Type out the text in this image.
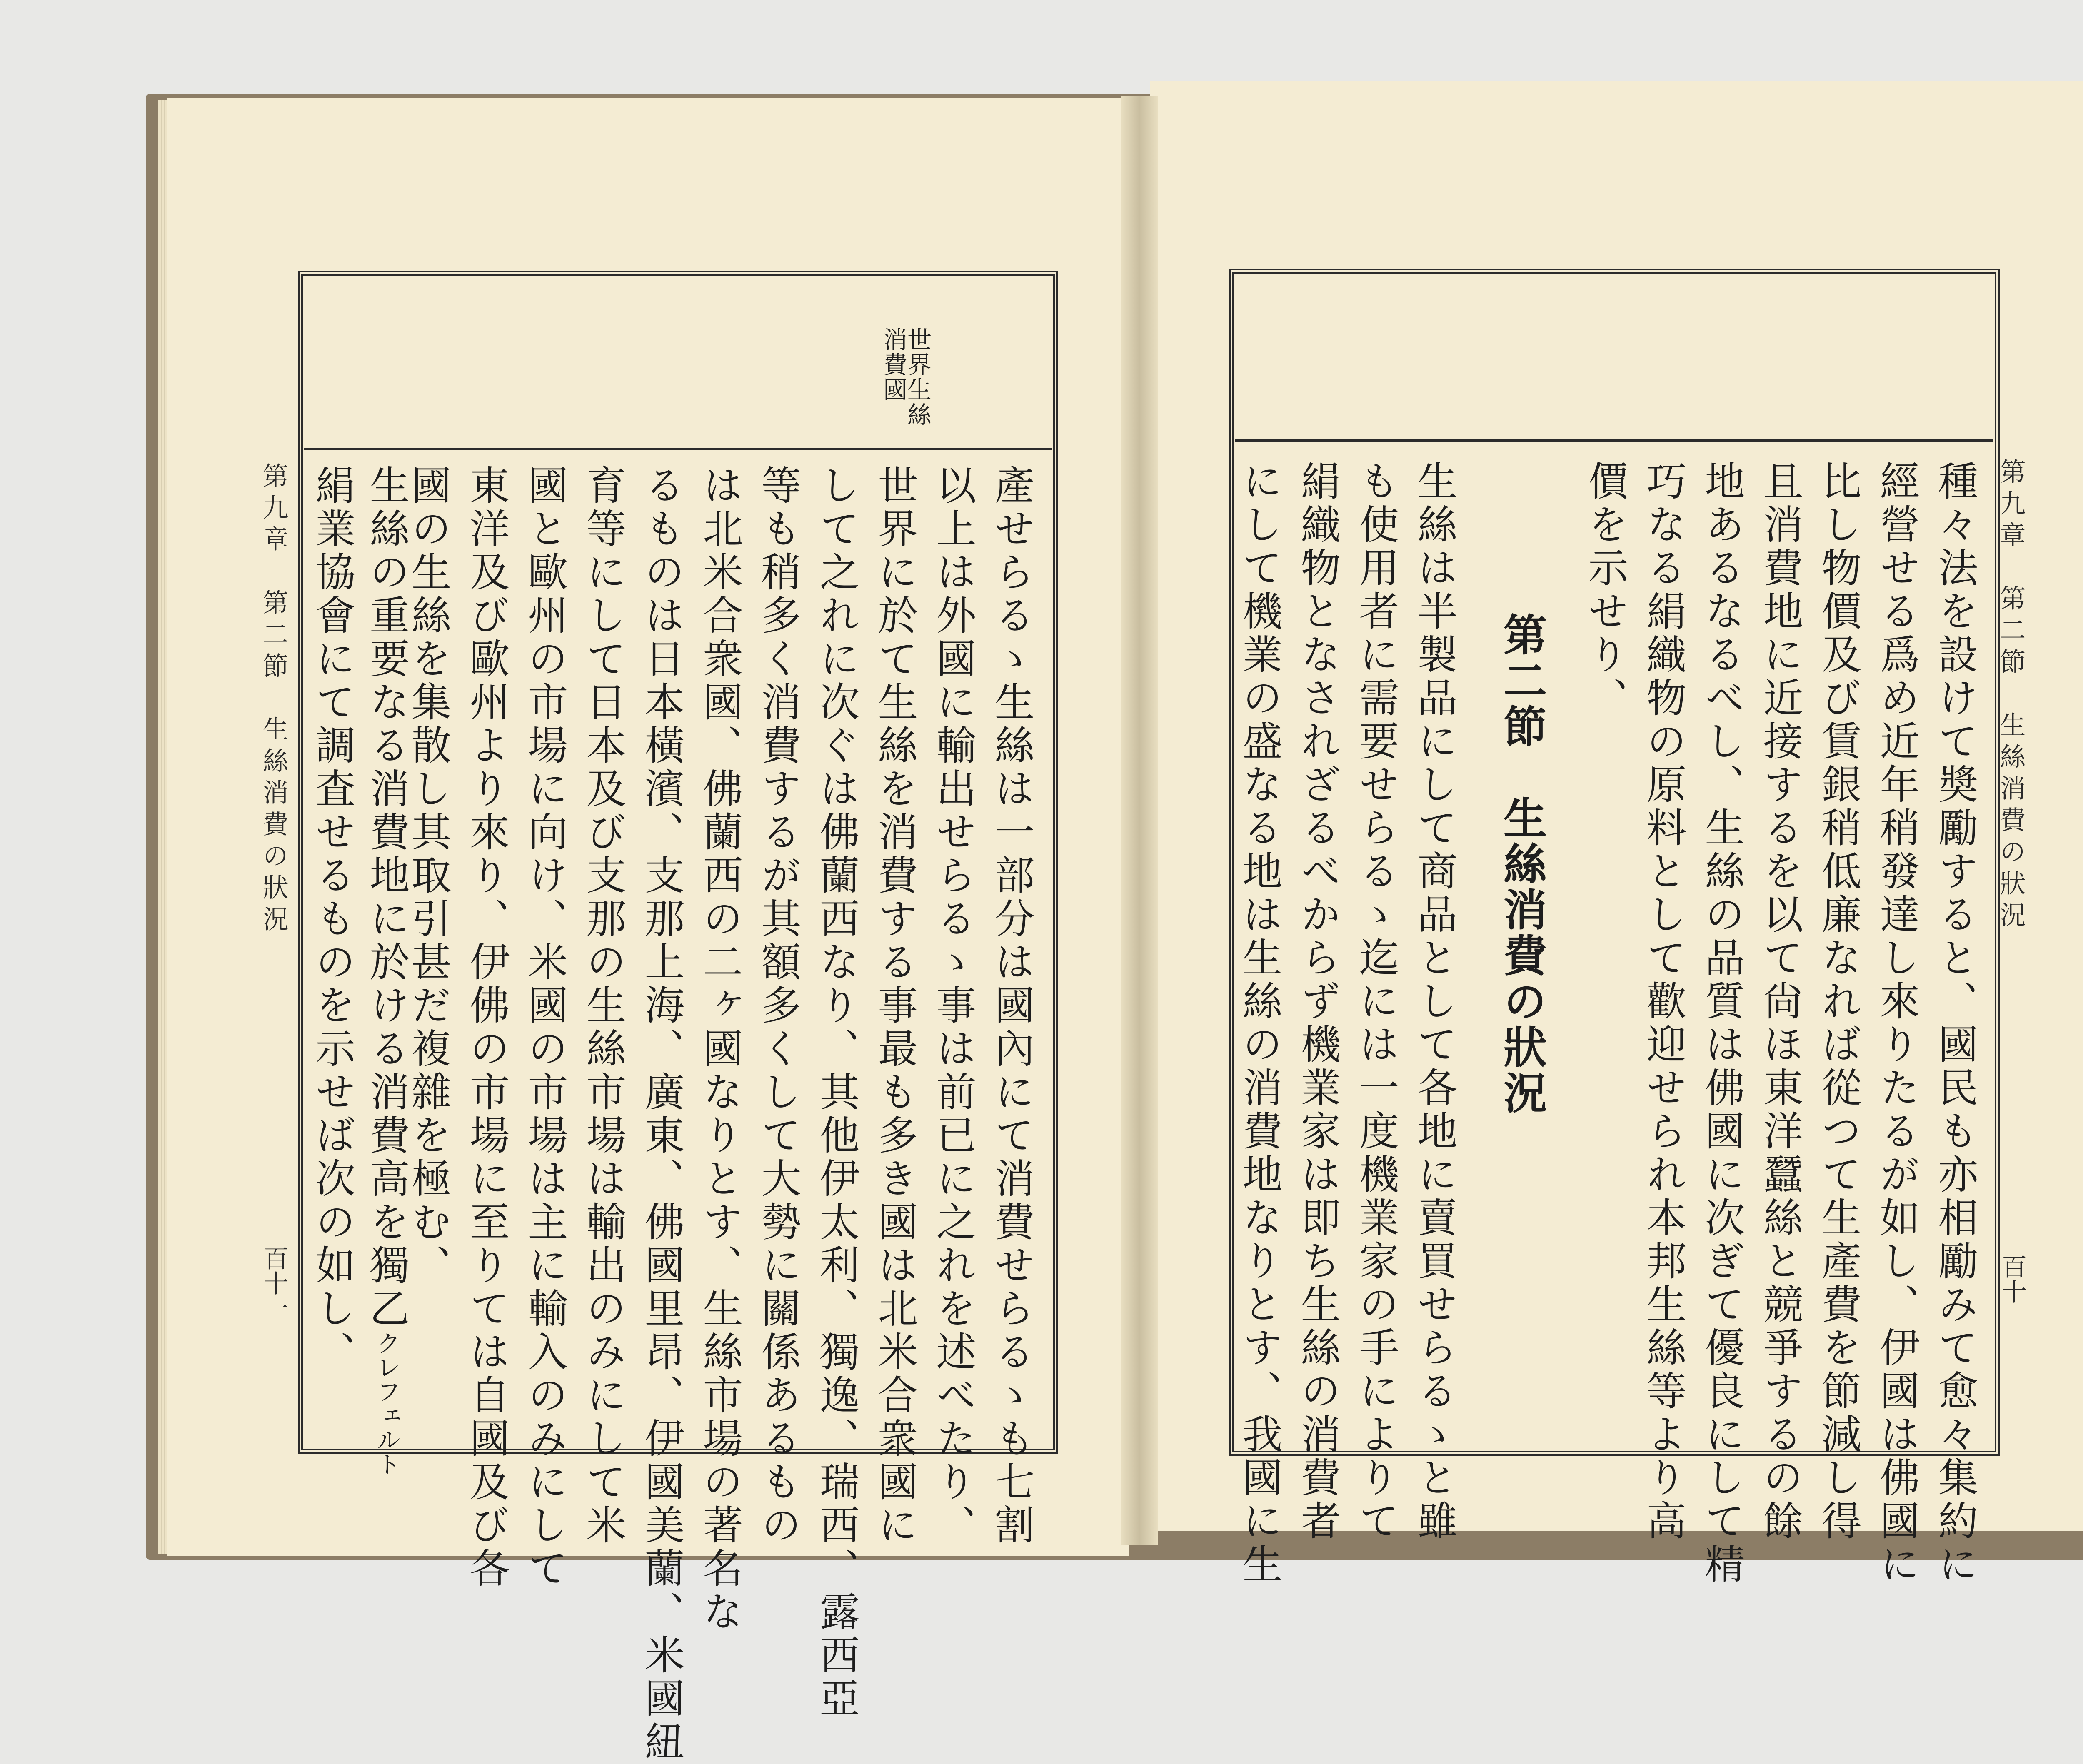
第九章　第二節　生絲消費の狀況
百十
種々法を設けて奬勵すると、國民も亦相勵みて愈々集約に
經營せる爲め近年稍發達し來りたるが如し、伊國は佛國に
比し物價及び賃銀稍低廉なれば從つて生產費を節減し得
且消費地に近接するを以て尙ほ東洋蠶絲と競爭するの餘
地あるなるべし、生絲の品質は佛國に次ぎて優良にして精
巧なる絹織物の原料として歡迎せられ本邦生絲等より高
價を示せり、
第二節　生絲消費の狀況
生絲は半製品にして商品として各地に賣買せらるゝと雖
も使用者に需要せらるゝ迄には一度機業家の手によりて
絹織物となされざるべからず機業家は即ち生絲の消費者
にして機業の盛なる地は生絲の消費地なりとす、我國に生
世界生絲消費國
產せらるゝ生絲は一部分は國內にて消費せらるゝも七割
以上は外國に輸出せらるゝ事は前已に之れを述べたり、
世界に於て生絲を消費する事最も多き國は北米合衆國に
して之れに次ぐは佛蘭西なり、其他伊太利、獨逸、瑞西、露西亞
等も稍多く消費するが其額多くして大勢に關係あるもの
は北米合衆國、佛蘭西の二ヶ國なりとす、生絲市場の著名な
るものは日本橫濱、支那上海、廣東、佛國里昂、伊國美蘭、米國紐
育等にして日本及び支那の生絲市場は輸出のみにして米
國と歐州の市場に向け、米國の市場は主に輸入のみにして
東洋及び歐州より來り、伊佛の市場に至りては自國及び各
國の生絲を集散し其取引甚だ複雜を極む、
生絲の重要なる消費地に於ける消費高を獨乙クレフェルト
絹業協會にて調査せるものを示せば次の如し、
第九章　第二節　生絲消費の狀況
百十一
